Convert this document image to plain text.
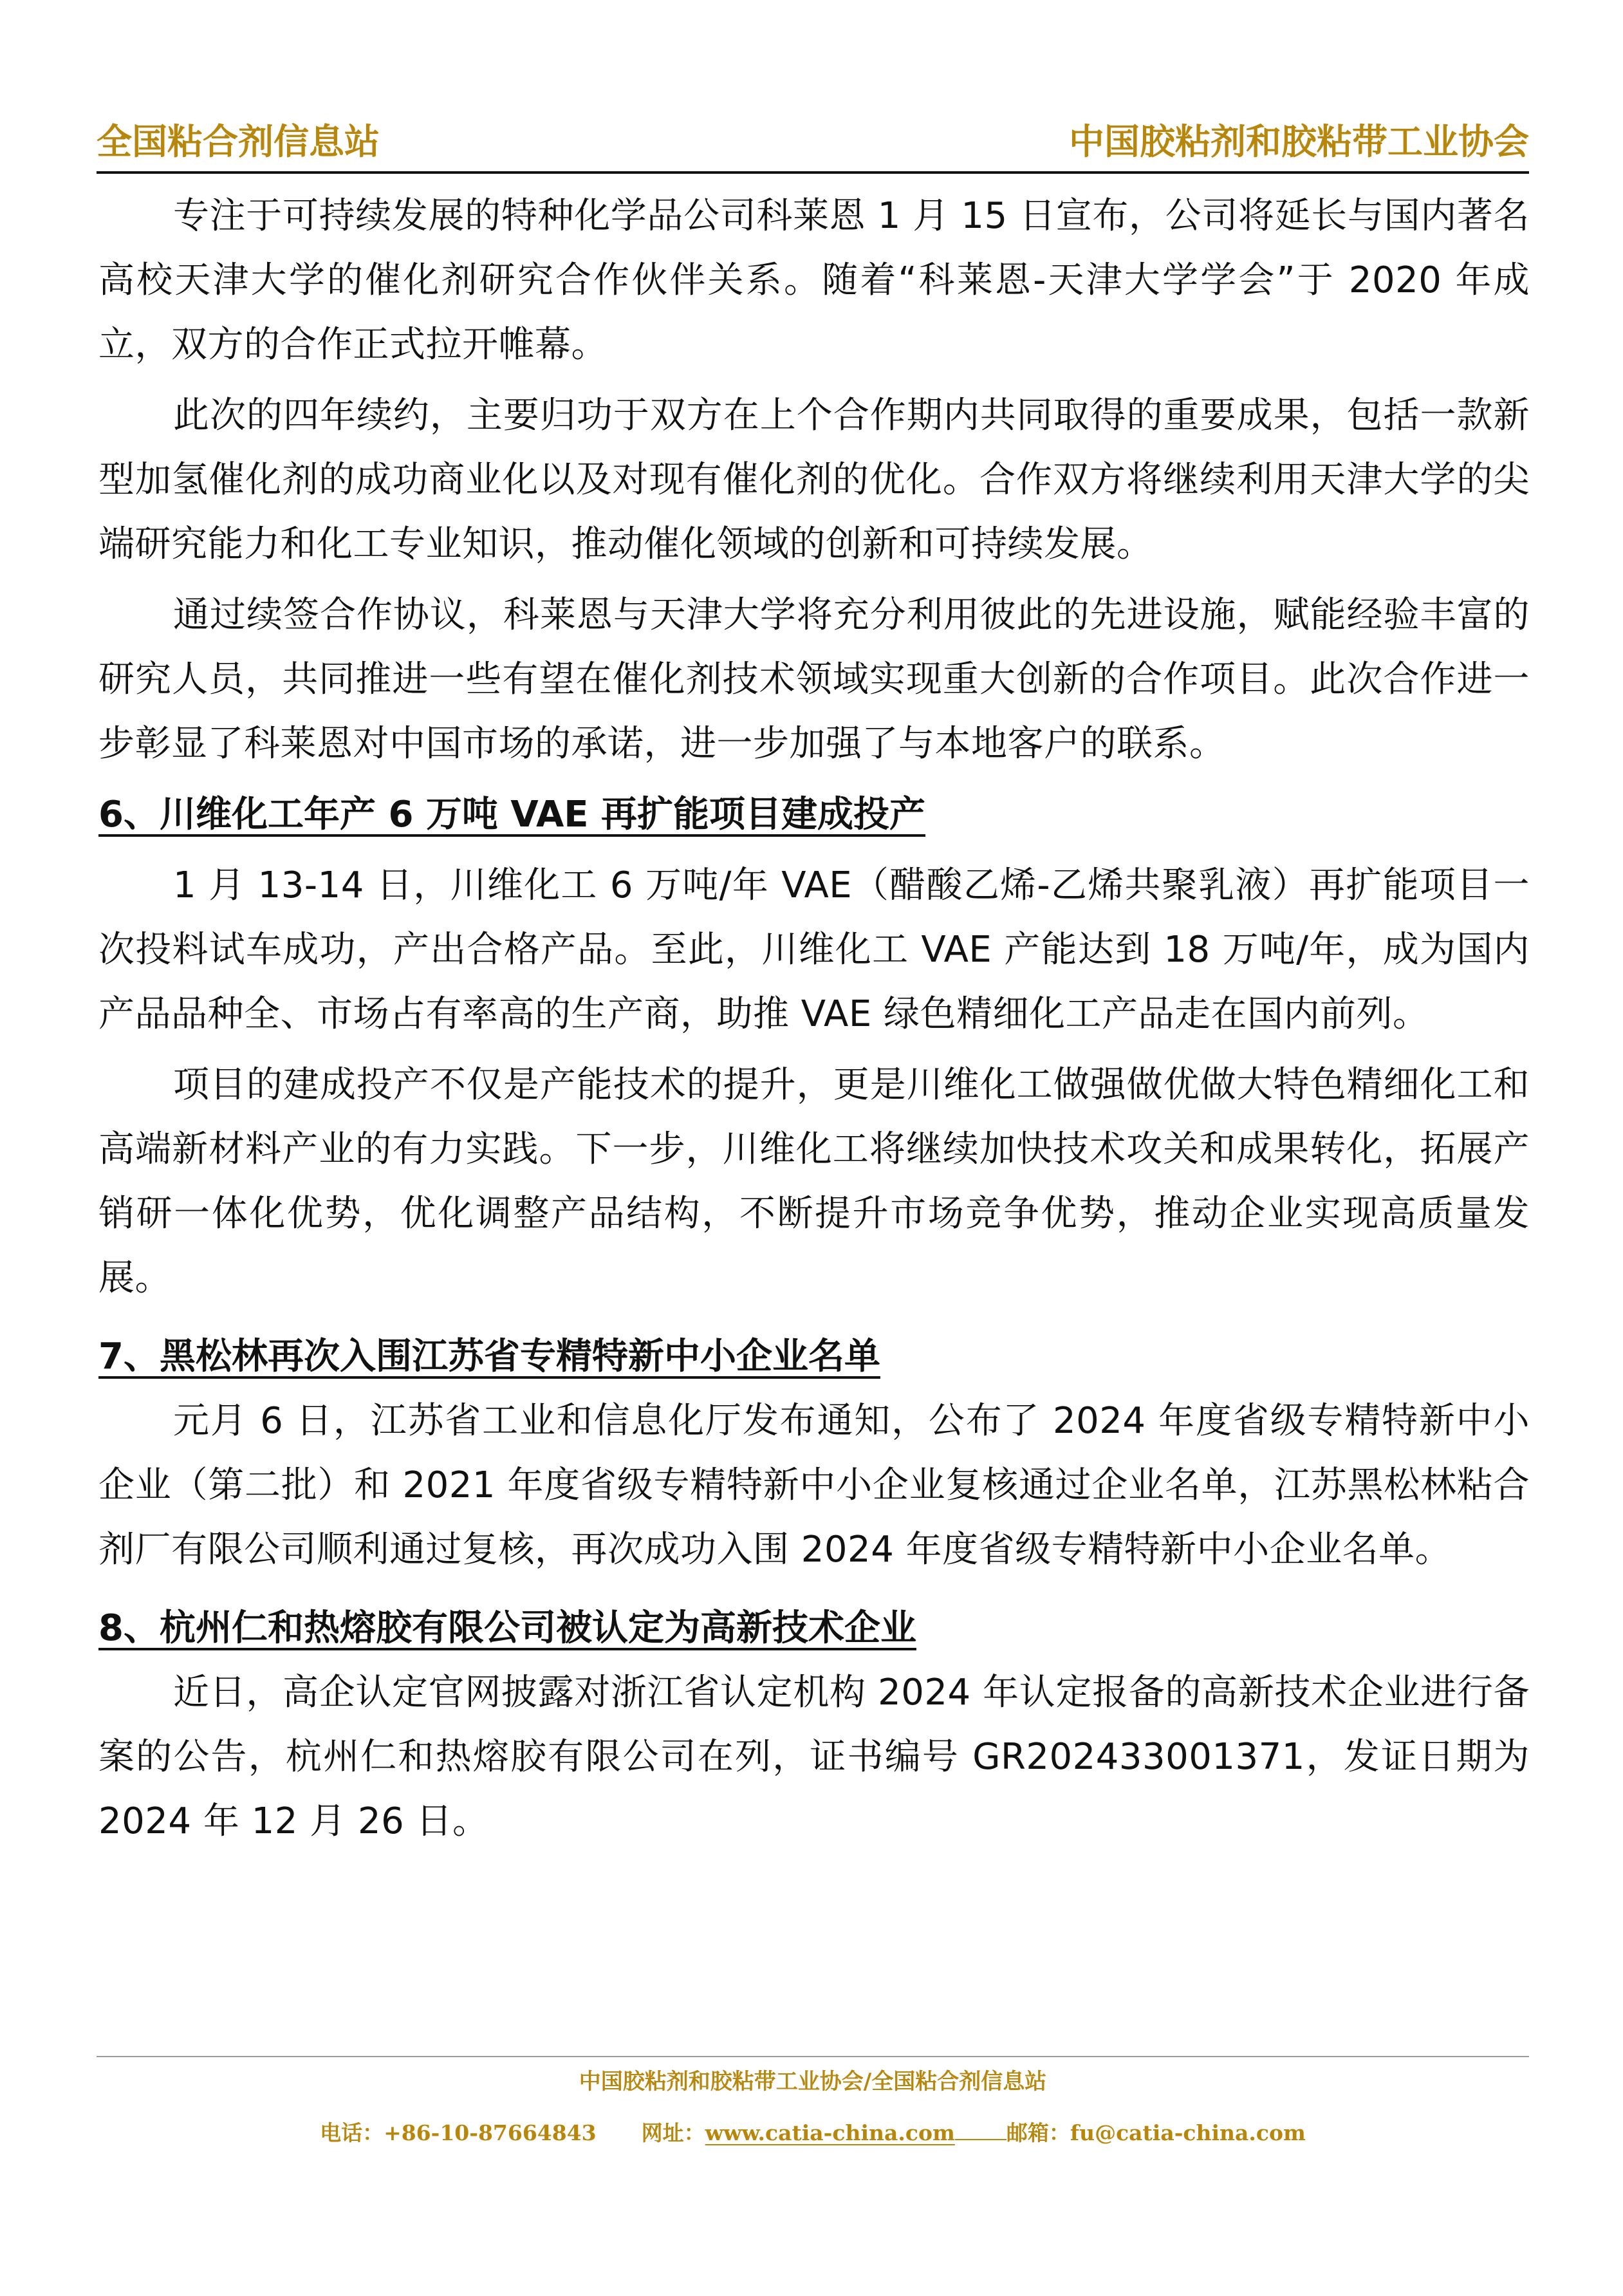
全国粘合剂信息站	中国胶粘剂和胶粘带工业协会

专注于可持续发展的特种化学品公司科莱恩 1 月 15 日宣布，公司将延长与国内著名高校天津大学的催化剂研究合作伙伴关系。随着“科莱恩-天津大学学会”于 2020 年成立，双方的合作正式拉开帷幕。

此次的四年续约，主要归功于双方在上个合作期内共同取得的重要成果，包括一款新型加氢催化剂的成功商业化以及对现有催化剂的优化。合作双方将继续利用天津大学的尖端研究能力和化工专业知识，推动催化领域的创新和可持续发展。

通过续签合作协议，科莱恩与天津大学将充分利用彼此的先进设施，赋能经验丰富的研究人员，共同推进一些有望在催化剂技术领域实现重大创新的合作项目。此次合作进一步彰显了科莱恩对中国市场的承诺，进一步加强了与本地客户的联系。

6、川维化工年产 6 万吨 VAE 再扩能项目建成投产

1 月 13-14 日，川维化工 6 万吨/年 VAE（醋酸乙烯-乙烯共聚乳液）再扩能项目一次投料试车成功，产出合格产品。至此，川维化工 VAE 产能达到 18 万吨/年，成为国内产品品种全、市场占有率高的生产商，助推 VAE 绿色精细化工产品走在国内前列。

项目的建成投产不仅是产能技术的提升，更是川维化工做强做优做大特色精细化工和高端新材料产业的有力实践。下一步，川维化工将继续加快技术攻关和成果转化，拓展产销研一体化优势，优化调整产品结构，不断提升市场竞争优势，推动企业实现高质量发展。

7、黑松林再次入围江苏省专精特新中小企业名单

元月 6 日，江苏省工业和信息化厅发布通知，公布了 2024 年度省级专精特新中小企业（第二批）和 2021 年度省级专精特新中小企业复核通过企业名单，江苏黑松林粘合剂厂有限公司顺利通过复核，再次成功入围 2024 年度省级专精特新中小企业名单。

8、杭州仁和热熔胶有限公司被认定为高新技术企业

近日，高企认定官网披露对浙江省认定机构 2024 年认定报备的高新技术企业进行备案的公告，杭州仁和热熔胶有限公司在列，证书编号 GR202433001371，发证日期为 2024 年 12 月 26 日。

中国胶粘剂和胶粘带工业协会/全国粘合剂信息站
电话：+86-10-87664843 网址：www.catia-china.com 邮箱：fu@catia-china.com
